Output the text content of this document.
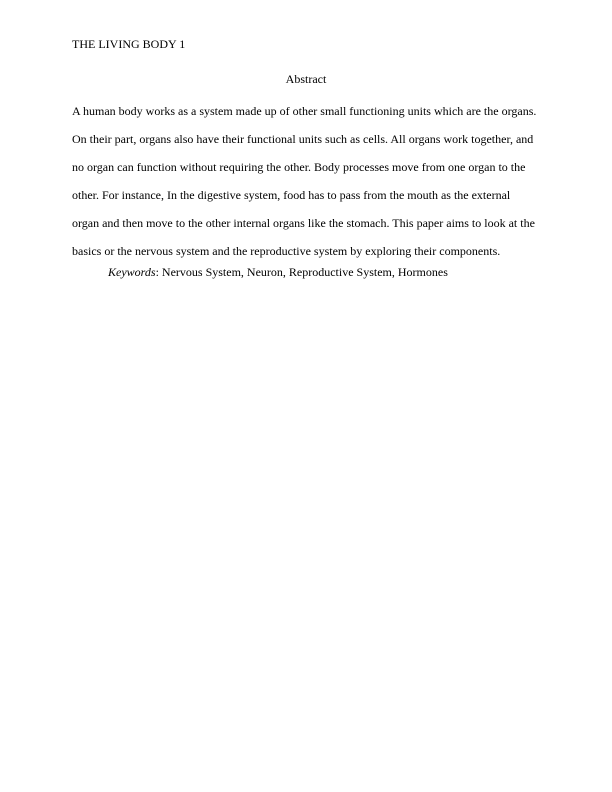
THE LIVING BODY 1
Abstract
A human body works as a system made up of other small functioning units which are the organs.
On their part, organs also have their functional units such as cells. All organs work together, and
no organ can function without requiring the other. Body processes move from one organ to the
other. For instance, In the digestive system, food has to pass from the mouth as the external
organ and then move to the other internal organs like the stomach. This paper aims to look at the
basics or the nervous system and the reproductive system by exploring their components.
Keywords: Nervous System, Neuron, Reproductive System, Hormones
